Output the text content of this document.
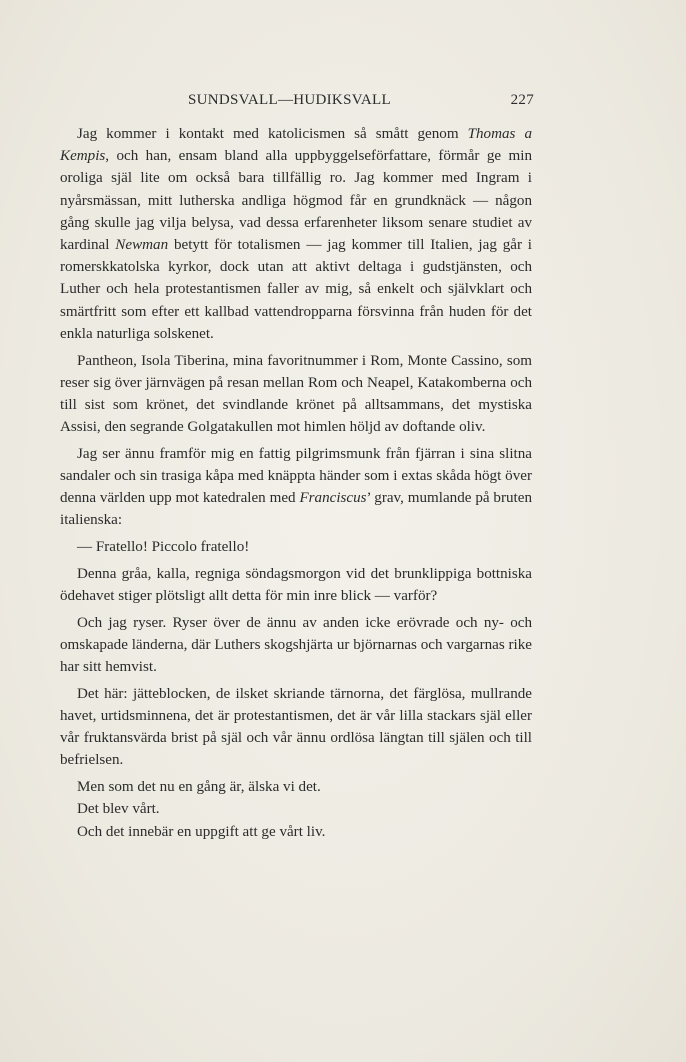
SUNDSVALL—HUDIKSVALL	227

Jag kommer i kontakt med katolicismen så smått genom Thomas a Kempis, och han, ensam bland alla uppbyggelseförfattare, förmår ge min oroliga själ lite om också bara tillfällig ro. Jag kommer med Ingram i nyårsmässan, mitt lutherska andliga högmod får en grundknäck — någon gång skulle jag vilja belysa, vad dessa erfarenheter liksom senare studiet av kardinal Newman betytt för totalismen — jag kommer till Italien, jag går i romerskkatolska kyrkor, dock utan att aktivt deltaga i gudstjänsten, och Luther och hela protestantismen faller av mig, så enkelt och självklart och smärtfritt som efter ett kallbad vattendropparna försvinna från huden för det enkla naturliga solskenet.

Pantheon, Isola Tiberina, mina favoritnummer i Rom, Monte Cassino, som reser sig över järnvägen på resan mellan Rom och Neapel, Katakomberna och till sist som krönet, det svindlande krönet på alltsammans, det mystiska Assisi, den segrande Golgatakullen mot himlen höljd av doftande oliv.

Jag ser ännu framför mig en fattig pilgrimsmunk från fjärran i sina slitna sandaler och sin trasiga kåpa med knäppta händer som i extas skåda högt över denna världen upp mot katedralen med Franciscus’ grav, mumlande på bruten italienska:

— Fratello! Piccolo fratello!

Denna gråa, kalla, regniga söndagsmorgon vid det brunklippiga bottniska ödehavet stiger plötsligt allt detta för min inre blick — varför?

Och jag ryser. Ryser över de ännu av anden icke erövrade och ny- och omskapade länderna, där Luthers skogshjärta ur björnarnas och vargarnas rike har sitt hemvist.

Det här: jätteblocken, de ilsket skriande tärnorna, det färglösa, mullrande havet, urtidsminnena, det är protestantismen, det är vår lilla stackars själ eller vår fruktansvärda brist på själ och vår ännu ordlösa längtan till själen och till befrielsen.

Men som det nu en gång är, älska vi det.

Det blev vårt.

Och det innebär en uppgift att ge vårt liv.
